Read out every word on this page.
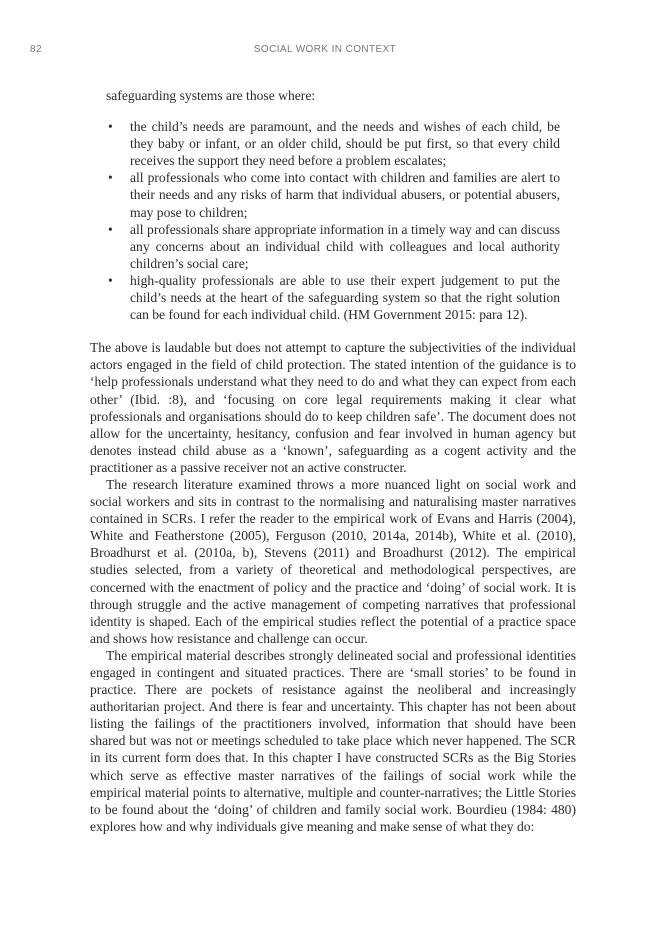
82	SOCIAL WORK IN CONTEXT

safeguarding systems are those where:

• the child’s needs are paramount, and the needs and wishes of each child, be they baby or infant, or an older child, should be put first, so that every child receives the support they need before a problem escalates;
• all professionals who come into contact with children and families are alert to their needs and any risks of harm that individual abusers, or potential abusers, may pose to children;
• all professionals share appropriate information in a timely way and can discuss any concerns about an individual child with colleagues and local authority children’s social care;
• high-quality professionals are able to use their expert judgement to put the child’s needs at the heart of the safeguarding system so that the right solution can be found for each individual child. (HM Government 2015: para 12).

The above is laudable but does not attempt to capture the subjectivities of the individual actors engaged in the field of child protection. The stated intention of the guidance is to ‘help professionals understand what they need to do and what they can expect from each other’ (Ibid. :8), and ‘focusing on core legal requirements making it clear what professionals and organisations should do to keep children safe’. The document does not allow for the uncertainty, hesitancy, confusion and fear involved in human agency but denotes instead child abuse as a ‘known’, safeguarding as a cogent activity and the practitioner as a passive receiver not an active constructer.

The research literature examined throws a more nuanced light on social work and social workers and sits in contrast to the normalising and naturalising master narratives contained in SCRs. I refer the reader to the empirical work of Evans and Harris (2004), White and Featherstone (2005), Ferguson (2010, 2014a, 2014b), White et al. (2010), Broadhurst et al. (2010a, b), Stevens (2011) and Broadhurst (2012). The empirical studies selected, from a variety of theoretical and methodological perspectives, are concerned with the enactment of policy and the practice and ‘doing’ of social work. It is through struggle and the active management of competing narratives that professional identity is shaped. Each of the empirical studies reflect the potential of a practice space and shows how resistance and challenge can occur.

The empirical material describes strongly delineated social and professional identities engaged in contingent and situated practices. There are ‘small stories’ to be found in practice. There are pockets of resistance against the neoliberal and increasingly authoritarian project. And there is fear and uncertainty. This chapter has not been about listing the failings of the practitioners involved, information that should have been shared but was not or meetings scheduled to take place which never happened. The SCR in its current form does that. In this chapter I have constructed SCRs as the Big Stories which serve as effective master narratives of the failings of social work while the empirical material points to alternative, multiple and counter-narratives; the Little Stories to be found about the ‘doing’ of children and family social work. Bourdieu (1984: 480) explores how and why individuals give meaning and make sense of what they do:
